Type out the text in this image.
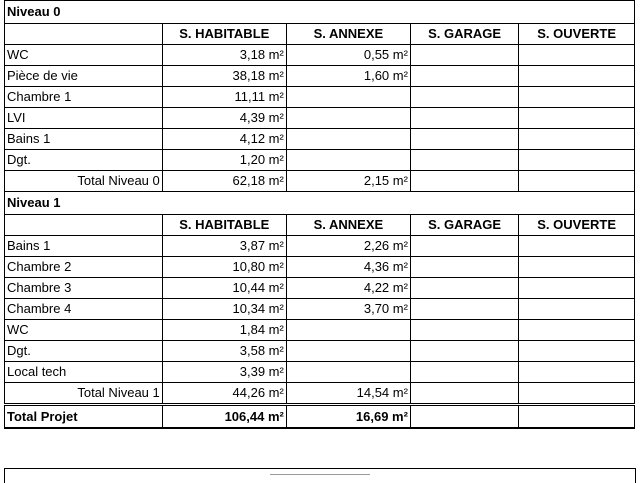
Niveau 0				
	S. HABITABLE	S. ANNEXE	S. GARAGE	S. OUVERTE
WC	3,18 m²	0,55 m²		
Pièce de vie	38,18 m²	1,60 m²		
Chambre 1	11,11 m²			
LVI	4,39 m²			
Bains 1	4,12 m²			
Dgt.	1,20 m²			
Total Niveau 0	62,18 m²	2,15 m²		
Niveau 1				
	S. HABITABLE	S. ANNEXE	S. GARAGE	S. OUVERTE
Bains 1	3,87 m²	2,26 m²		
Chambre 2	10,80 m²	4,36 m²		
Chambre 3	10,44 m²	4,22 m²		
Chambre 4	10,34 m²	3,70 m²		
WC	1,84 m²			
Dgt.	3,58 m²			
Local tech	3,39 m²			
Total Niveau 1	44,26 m²	14,54 m²		
Total Projet	106,44 m²	16,69 m²		
